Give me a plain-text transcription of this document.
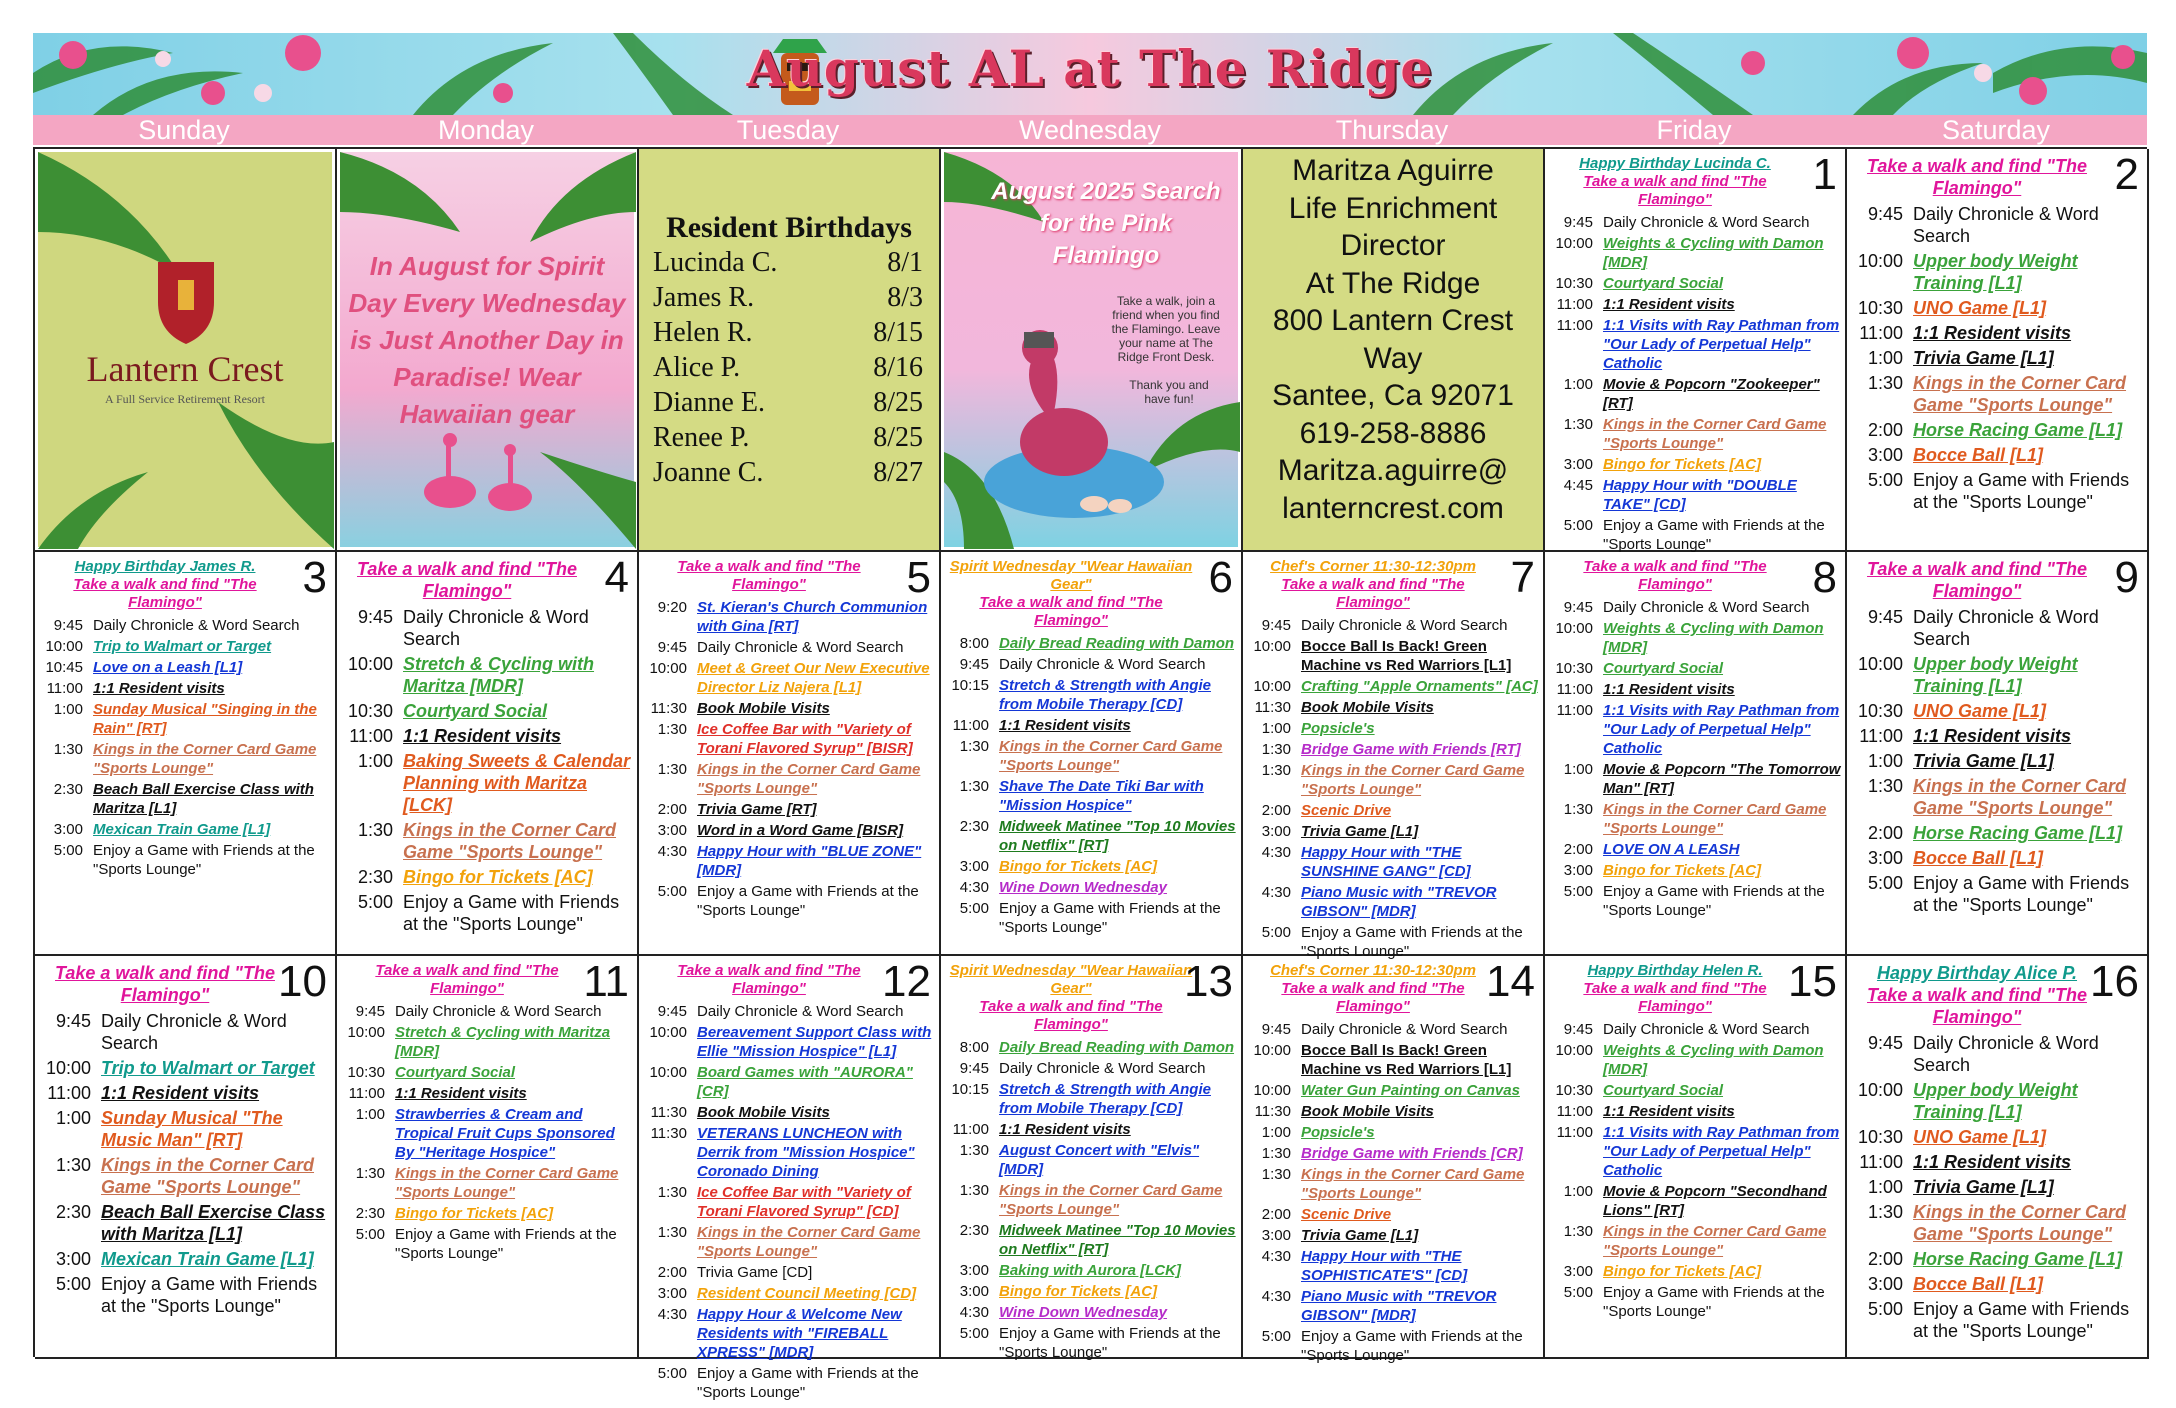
August AL at The Ridge
Sunday	Monday	Tuesday	Wednesday	Thursday	Friday	Saturday
Lantern Crest
A Full Service Retirement Resort
In August for Spirit Day Every Wednesday is Just Another Day in Paradise! Wear Hawaiian gear
Resident Birthdays
Lucinda C.	8/1
James R.	8/3
Helen R.	8/15
Alice P.	8/16
Dianne E.	8/25
Renee P.	8/25
Joanne C.	8/27
August 2025 Search for the Pink Flamingo
Take a walk, join a friend when you find the Flamingo. Leave your name at The Ridge Front Desk.
Thank you and have fun!
Maritza Aguirre
Life Enrichment
Director
At The Ridge
800 Lantern Crest
Way
Santee, Ca 92071
619-258-8886
Maritza.aguirre@
lanterncrest.com
1
Happy Birthday Lucinda C.
Take a walk and find "The Flamingo"
9:45 Daily Chronicle & Word Search
10:00 Weights & Cycling with Damon [MDR]
10:30 Courtyard Social
11:00 1:1 Resident visits
11:00 1:1 Visits with Ray Pathman from "Our Lady of Perpetual Help" Catholic
1:00 Movie & Popcorn "Zookeeper" [RT]
1:30 Kings in the Corner Card Game "Sports Lounge"
3:00 Bingo for Tickets [AC]
4:45 Happy Hour with "DOUBLE TAKE" [CD]
5:00 Enjoy a Game with Friends at the "Sports Lounge"
2
Take a walk and find "The Flamingo"
9:45 Daily Chronicle & Word Search
10:00 Upper body Weight Training [L1]
10:30 UNO Game [L1]
11:00 1:1 Resident visits
1:00 Trivia Game [L1]
1:30 Kings in the Corner Card Game "Sports Lounge"
2:00 Horse Racing Game [L1]
3:00 Bocce Ball [L1]
5:00 Enjoy a Game with Friends at the "Sports Lounge"
3
Happy Birthday James R.
Take a walk and find "The Flamingo"
9:45 Daily Chronicle & Word Search
10:00 Trip to Walmart or Target
10:45 Love on a Leash [L1]
11:00 1:1 Resident visits
1:00 Sunday Musical "Singing in the Rain" [RT]
1:30 Kings in the Corner Card Game "Sports Lounge"
2:30 Beach Ball Exercise Class with Maritza [L1]
3:00 Mexican Train Game [L1]
5:00 Enjoy a Game with Friends at the "Sports Lounge"
4
Take a walk and find "The Flamingo"
9:45 Daily Chronicle & Word Search
10:00 Stretch & Cycling with Maritza [MDR]
10:30 Courtyard Social
11:00 1:1 Resident visits
1:00 Baking Sweets & Calendar Planning with Maritza [LCK]
1:30 Kings in the Corner Card Game "Sports Lounge"
2:30 Bingo for Tickets [AC]
5:00 Enjoy a Game with Friends at the "Sports Lounge"
5
Take a walk and find "The Flamingo"
9:20 St. Kieran's Church Communion with Gina [RT]
9:45 Daily Chronicle & Word Search
10:00 Meet & Greet Our New Executive Director Liz Najera [L1]
11:30 Book Mobile Visits
1:30 Ice Coffee Bar with "Variety of Torani Flavored Syrup" [BISR]
1:30 Kings in the Corner Card Game "Sports Lounge"
2:00 Trivia Game [RT]
3:00 Word in a Word Game [BISR]
4:30 Happy Hour with "BLUE ZONE" [MDR]
5:00 Enjoy a Game with Friends at the "Sports Lounge"
6
Spirit Wednesday "Wear Hawaiian Gear"
Take a walk and find "The Flamingo"
8:00 Daily Bread Reading with Damon
9:45 Daily Chronicle & Word Search
10:15 Stretch & Strength with Angie from Mobile Therapy [CD]
11:00 1:1 Resident visits
1:30 Kings in the Corner Card Game "Sports Lounge"
1:30 Shave The Date Tiki Bar with "Mission Hospice"
2:30 Midweek Matinee "Top 10 Movies on Netflix" [RT]
3:00 Bingo for Tickets [AC]
4:30 Wine Down Wednesday
5:00 Enjoy a Game with Friends at the "Sports Lounge"
7
Chef's Corner 11:30-12:30pm
Take a walk and find "The Flamingo"
9:45 Daily Chronicle & Word Search
10:00 Bocce Ball Is Back! Green Machine vs Red Warriors [L1]
10:00 Crafting "Apple Ornaments" [AC]
11:30 Book Mobile Visits
1:00 Popsicle's
1:30 Bridge Game with Friends [RT]
1:30 Kings in the Corner Card Game "Sports Lounge"
2:00 Scenic Drive
3:00 Trivia Game [L1]
4:30 Happy Hour with "THE SUNSHINE GANG" [CD]
4:30 Piano Music with "TREVOR GIBSON" [MDR]
5:00 Enjoy a Game with Friends at the "Sports Lounge"
8
Take a walk and find "The Flamingo"
9:45 Daily Chronicle & Word Search
10:00 Weights & Cycling with Damon [MDR]
10:30 Courtyard Social
11:00 1:1 Resident visits
11:00 1:1 Visits with Ray Pathman from "Our Lady of Perpetual Help" Catholic
1:00 Movie & Popcorn "The Tomorrow Man" [RT]
1:30 Kings in the Corner Card Game "Sports Lounge"
2:00 LOVE ON A LEASH
3:00 Bingo for Tickets [AC]
5:00 Enjoy a Game with Friends at the "Sports Lounge"
9
Take a walk and find "The Flamingo"
9:45 Daily Chronicle & Word Search
10:00 Upper body Weight Training [L1]
10:30 UNO Game [L1]
11:00 1:1 Resident visits
1:00 Trivia Game [L1]
1:30 Kings in the Corner Card Game "Sports Lounge"
2:00 Horse Racing Game [L1]
3:00 Bocce Ball [L1]
5:00 Enjoy a Game with Friends at the "Sports Lounge"
10
Take a walk and find "The Flamingo"
9:45 Daily Chronicle & Word Search
10:00 Trip to Walmart or Target
11:00 1:1 Resident visits
1:00 Sunday Musical "The Music Man" [RT]
1:30 Kings in the Corner Card Game "Sports Lounge"
2:30 Beach Ball Exercise Class with Maritza [L1]
3:00 Mexican Train Game [L1]
5:00 Enjoy a Game with Friends at the "Sports Lounge"
11
Take a walk and find "The Flamingo"
9:45 Daily Chronicle & Word Search
10:00 Stretch & Cycling with Maritza [MDR]
10:30 Courtyard Social
11:00 1:1 Resident visits
1:00 Strawberries & Cream and Tropical Fruit Cups Sponsored By "Heritage Hospice"
1:30 Kings in the Corner Card Game "Sports Lounge"
2:30 Bingo for Tickets [AC]
5:00 Enjoy a Game with Friends at the "Sports Lounge"
12
Take a walk and find "The Flamingo"
9:45 Daily Chronicle & Word Search
10:00 Bereavement Support Class with Ellie "Mission Hospice" [L1]
10:00 Board Games with "AURORA" [CR]
11:30 Book Mobile Visits
11:30 VETERANS LUNCHEON with Derrik from "Mission Hospice" Coronado Dining
1:30 Ice Coffee Bar with "Variety of Torani Flavored Syrup" [CD]
1:30 Kings in the Corner Card Game "Sports Lounge"
2:00 Trivia Game [CD]
3:00 Resident Council Meeting [CD]
4:30 Happy Hour & Welcome New Residents with "FIREBALL XPRESS" [MDR]
5:00 Enjoy a Game with Friends at the "Sports Lounge"
13
Spirit Wednesday "Wear Hawaiian Gear"
Take a walk and find "The Flamingo"
8:00 Daily Bread Reading with Damon
9:45 Daily Chronicle & Word Search
10:15 Stretch & Strength with Angie from Mobile Therapy [CD]
11:00 1:1 Resident visits
1:30 August Concert with "Elvis" [MDR]
1:30 Kings in the Corner Card Game "Sports Lounge"
2:30 Midweek Matinee "Top 10 Movies on Netflix" [RT]
3:00 Baking with Aurora [LCK]
3:00 Bingo for Tickets [AC]
4:30 Wine Down Wednesday
5:00 Enjoy a Game with Friends at the "Sports Lounge"
14
Chef's Corner 11:30-12:30pm
Take a walk and find "The Flamingo"
9:45 Daily Chronicle & Word Search
10:00 Bocce Ball Is Back! Green Machine vs Red Warriors [L1]
10:00 Water Gun Painting on Canvas
11:30 Book Mobile Visits
1:00 Popsicle's
1:30 Bridge Game with Friends [CR]
1:30 Kings in the Corner Card Game "Sports Lounge"
2:00 Scenic Drive
3:00 Trivia Game [L1]
4:30 Happy Hour with "THE SOPHISTICATE'S" [CD]
4:30 Piano Music with "TREVOR GIBSON" [MDR]
5:00 Enjoy a Game with Friends at the "Sports Lounge"
15
Happy Birthday Helen R.
Take a walk and find "The Flamingo"
9:45 Daily Chronicle & Word Search
10:00 Weights & Cycling with Damon [MDR]
10:30 Courtyard Social
11:00 1:1 Resident visits
11:00 1:1 Visits with Ray Pathman from "Our Lady of Perpetual Help" Catholic
1:00 Movie & Popcorn "Secondhand Lions" [RT]
1:30 Kings in the Corner Card Game "Sports Lounge"
3:00 Bingo for Tickets [AC]
5:00 Enjoy a Game with Friends at the "Sports Lounge"
16
Happy Birthday Alice P.
Take a walk and find "The Flamingo"
9:45 Daily Chronicle & Word Search
10:00 Upper body Weight Training [L1]
10:30 UNO Game [L1]
11:00 1:1 Resident visits
1:00 Trivia Game [L1]
1:30 Kings in the Corner Card Game "Sports Lounge"
2:00 Horse Racing Game [L1]
3:00 Bocce Ball [L1]
5:00 Enjoy a Game with Friends at the "Sports Lounge"
